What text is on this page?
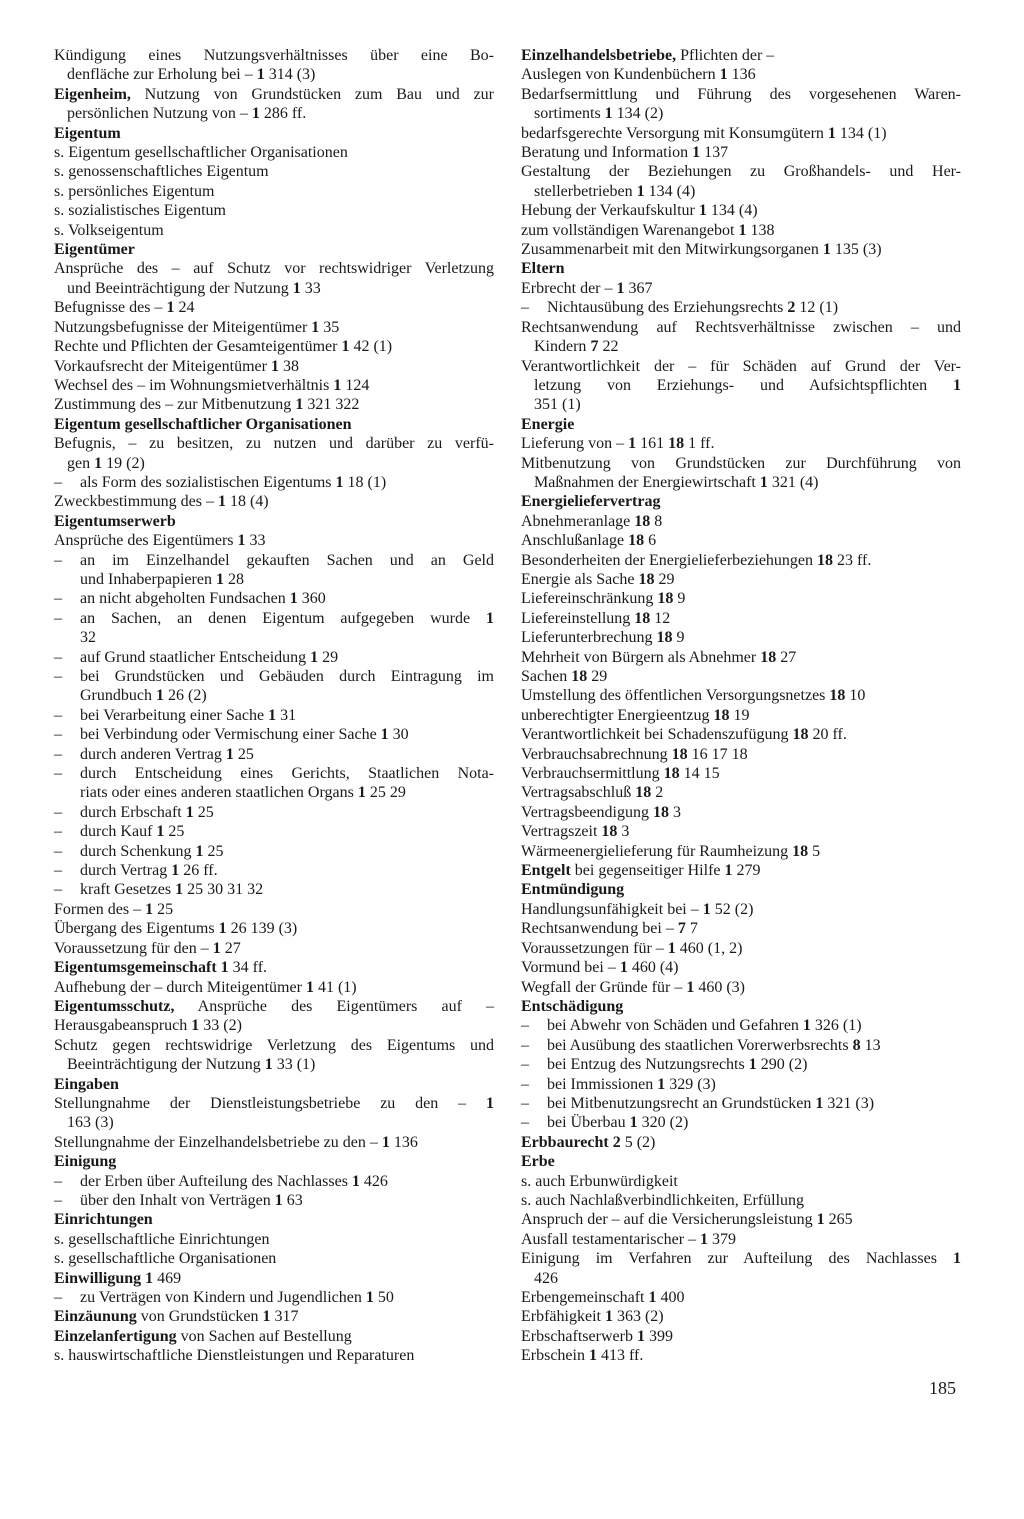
Kündigung eines Nutzungsverhältnisses über eine Bo-
denfläche zur Erholung bei – 1 314 (3)
Eigenheim, Nutzung von Grundstücken zum Bau und zur
persönlichen Nutzung von – 1 286 ff.
Eigentum
s. Eigentum gesellschaftlicher Organisationen
s. genossenschaftliches Eigentum
s. persönliches Eigentum
s. sozialistisches Eigentum
s. Volkseigentum
Eigentümer
Ansprüche des – auf Schutz vor rechtswidriger Verletzung
und Beeinträchtigung der Nutzung 1 33
Befugnisse des – 1 24
Nutzungsbefugnisse der Miteigentümer 1 35
Rechte und Pflichten der Gesamteigentümer 1 42 (1)
Vorkaufsrecht der Miteigentümer 1 38
Wechsel des – im Wohnungsmietverhältnis 1 124
Zustimmung des – zur Mitbenutzung 1 321 322
Eigentum gesellschaftlicher Organisationen
Befugnis, – zu besitzen, zu nutzen und darüber zu verfü-
gen 1 19 (2)
– als Form des sozialistischen Eigentums 1 18 (1)
Zweckbestimmung des – 1 18 (4)
Eigentumserwerb
Ansprüche des Eigentümers 1 33
– an im Einzelhandel gekauften Sachen und an Geld
und Inhaberpapieren 1 28
– an nicht abgeholten Fundsachen 1 360
– an Sachen, an denen Eigentum aufgegeben wurde 1
32
– auf Grund staatlicher Entscheidung 1 29
– bei Grundstücken und Gebäuden durch Eintragung im
Grundbuch 1 26 (2)
– bei Verarbeitung einer Sache 1 31
– bei Verbindung oder Vermischung einer Sache 1 30
– durch anderen Vertrag 1 25
– durch Entscheidung eines Gerichts, Staatlichen Nota-
riats oder eines anderen staatlichen Organs 1 25 29
– durch Erbschaft 1 25
– durch Kauf 1 25
– durch Schenkung 1 25
– durch Vertrag 1 26 ff.
– kraft Gesetzes 1 25 30 31 32
Formen des – 1 25
Übergang des Eigentums 1 26 139 (3)
Voraussetzung für den – 1 27
Eigentumsgemeinschaft 1 34 ff.
Aufhebung der – durch Miteigentümer 1 41 (1)
Eigentumsschutz, Ansprüche des Eigentümers auf –
Herausgabeanspruch 1 33 (2)
Schutz gegen rechtswidrige Verletzung des Eigentums und
Beeinträchtigung der Nutzung 1 33 (1)
Eingaben
Stellungnahme der Dienstleistungsbetriebe zu den – 1
163 (3)
Stellungnahme der Einzelhandelsbetriebe zu den – 1 136
Einigung
– der Erben über Aufteilung des Nachlasses 1 426
– über den Inhalt von Verträgen 1 63
Einrichtungen
s. gesellschaftliche Einrichtungen
s. gesellschaftliche Organisationen
Einwilligung 1 469
– zu Verträgen von Kindern und Jugendlichen 1 50
Einzäunung von Grundstücken 1 317
Einzelanfertigung von Sachen auf Bestellung
s. hauswirtschaftliche Dienstleistungen und Reparaturen
Einzelhandelsbetriebe, Pflichten der –
Auslegen von Kundenbüchern 1 136
Bedarfsermittlung und Führung des vorgesehenen Waren-
sortiments 1 134 (2)
bedarfsgerechte Versorgung mit Konsumgütern 1 134 (1)
Beratung und Information 1 137
Gestaltung der Beziehungen zu Großhandels- und Her-
stellerbetrieben 1 134 (4)
Hebung der Verkaufskultur 1 134 (4)
zum vollständigen Warenangebot 1 138
Zusammenarbeit mit den Mitwirkungsorganen 1 135 (3)
Eltern
Erbrecht der – 1 367
– Nichtausübung des Erziehungsrechts 2 12 (1)
Rechtsanwendung auf Rechtsverhältnisse zwischen – und
Kindern 7 22
Verantwortlichkeit der – für Schäden auf Grund der Ver-
letzung von Erziehungs- und Aufsichtspflichten 1
351 (1)
Energie
Lieferung von – 1 161 18 1 ff.
Mitbenutzung von Grundstücken zur Durchführung von
Maßnahmen der Energiewirtschaft 1 321 (4)
Energieliefervertrag
Abnehmeranlage 18 8
Anschlußanlage 18 6
Besonderheiten der Energielieferbeziehungen 18 23 ff.
Energie als Sache 18 29
Liefereinschränkung 18 9
Liefereinstellung 18 12
Lieferunterbrechung 18 9
Mehrheit von Bürgern als Abnehmer 18 27
Sachen 18 29
Umstellung des öffentlichen Versorgungsnetzes 18 10
unberechtigter Energieentzug 18 19
Verantwortlichkeit bei Schadenszufügung 18 20 ff.
Verbrauchsabrechnung 18 16 17 18
Verbrauchsermittlung 18 14 15
Vertragsabschluß 18 2
Vertragsbeendigung 18 3
Vertragszeit 18 3
Wärmeenergielieferung für Raumheizung 18 5
Entgelt bei gegenseitiger Hilfe 1 279
Entmündigung
Handlungsunfähigkeit bei – 1 52 (2)
Rechtsanwendung bei – 7 7
Voraussetzungen für – 1 460 (1, 2)
Vormund bei – 1 460 (4)
Wegfall der Gründe für – 1 460 (3)
Entschädigung
– bei Abwehr von Schäden und Gefahren 1 326 (1)
– bei Ausübung des staatlichen Vorerwerbsrechts 8 13
– bei Entzug des Nutzungsrechts 1 290 (2)
– bei Immissionen 1 329 (3)
– bei Mitbenutzungsrecht an Grundstücken 1 321 (3)
– bei Überbau 1 320 (2)
Erbbaurecht 2 5 (2)
Erbe
s. auch Erbunwürdigkeit
s. auch Nachlaßverbindlichkeiten, Erfüllung
Anspruch der – auf die Versicherungsleistung 1 265
Ausfall testamentarischer – 1 379
Einigung im Verfahren zur Aufteilung des Nachlasses 1
426
Erbengemeinschaft 1 400
Erbfähigkeit 1 363 (2)
Erbschaftserwerb 1 399
Erbschein 1 413 ff.
185
